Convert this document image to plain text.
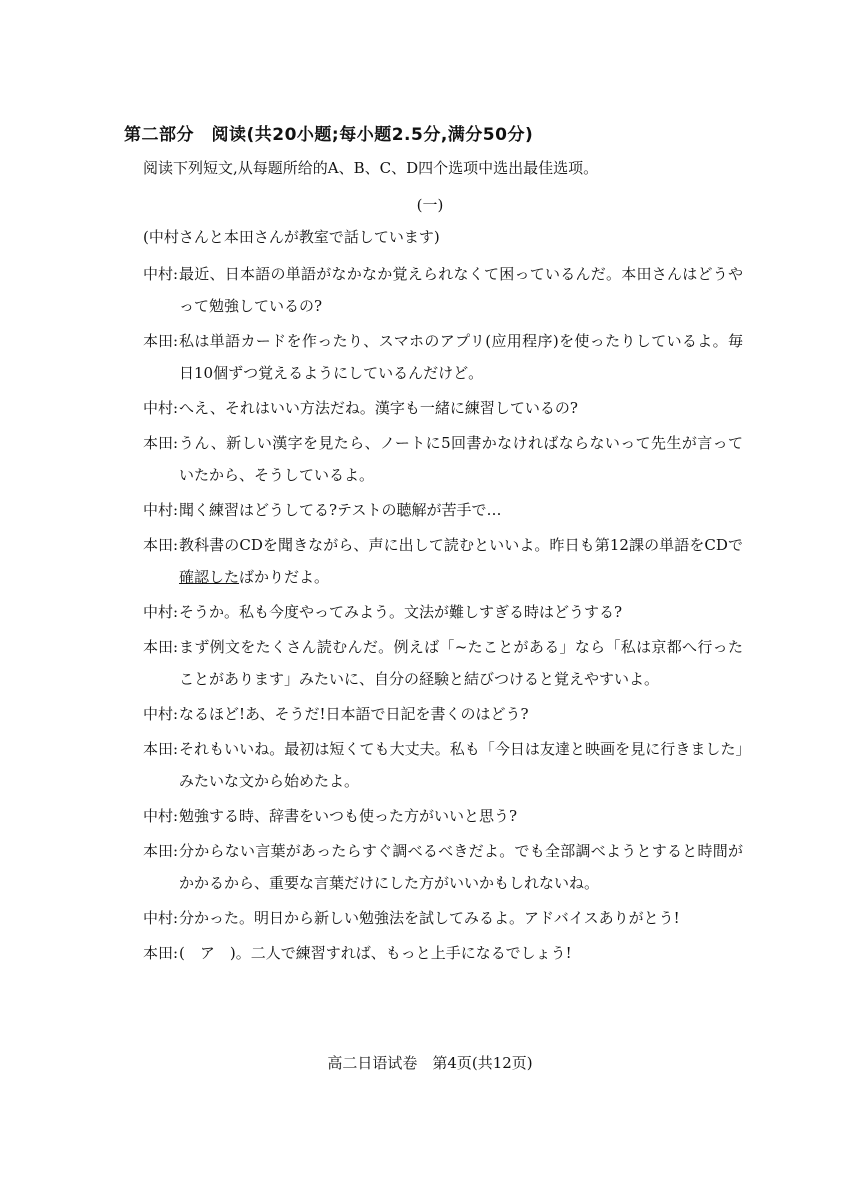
第二部分　阅读(共20小题;每小题2.5分,满分50分)
阅读下列短文,从每题所给的A、B、C、D四个选项中选出最佳选项。
(一)
(中村さんと本田さんが教室で話しています)
中村 : 最近、日本語の単語がなかなか覚えられなくて困っているんだ。本田さんはどうやって勉強しているの?
本田 : 私は単語カードを作ったり、スマホのアプリ(应用程序)を使ったりしているよ。毎日10個ずつ覚えるようにしているんだけど。
中村 : へえ、それはいい方法だね。漢字も一緒に練習しているの?
本田 : うん、新しい漢字を見たら、ノートに5回書かなければならないって先生が言っていたから、そうしているよ。
中村 : 聞く練習はどうしてる?テストの聴解が苦手で…
本田 : 教科書のCDを聞きながら、声に出して読むといいよ。昨日も第12課の単語をCDで確認したばかりだよ。
中村 : そうか。私も今度やってみよう。文法が難しすぎる時はどうする?
本田 : まず例文をたくさん読むんだ。例えば「~たことがある」なら「私は京都へ行ったことがあります」みたいに、自分の経験と結びつけると覚えやすいよ。
中村 : なるほど!あ、そうだ!日本語で日記を書くのはどう?
本田 : それもいいね。最初は短くても大丈夫。私も「今日は友達と映画を見に行きました」みたいな文から始めたよ。
中村 : 勉強する時、辞書をいつも使った方がいいと思う?
本田 : 分からない言葉があったらすぐ調べるべきだよ。でも全部調べようとすると時間がかかるから、重要な言葉だけにした方がいいかもしれないね。
中村 : 分かった。明日から新しい勉強法を試してみるよ。アドバイスありがとう!
本田 : (　ア　)。二人で練習すれば、もっと上手になるでしょう!
高二日语试卷　第4页(共12页)
